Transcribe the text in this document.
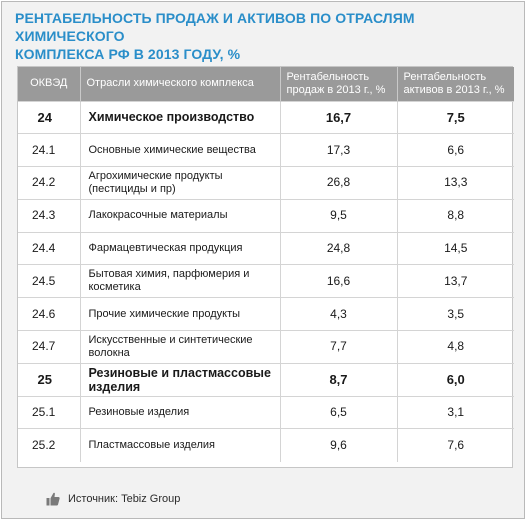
РЕНТАБЕЛЬНОСТЬ ПРОДАЖ И АКТИВОВ ПО ОТРАСЛЯМ ХИМИЧЕСКОГО
КОМПЛЕКСА РФ В 2013 ГОДУ, %
ОКВЭД	Отрасли химического комплекса	Рентабельность продаж в 2013 г., %	Рентабельность активов в 2013 г., %
24	Химическое производство	16,7	7,5
24.1	Основные химические вещества	17,3	6,6
24.2	Агрохимические продукты (пестициды и пр)	26,8	13,3
24.3	Лакокрасочные материалы	9,5	8,8
24.4	Фармацевтическая продукция	24,8	14,5
24.5	Бытовая химия, парфюмерия и косметика	16,6	13,7
24.6	Прочие химические продукты	4,3	3,5
24.7	Искусственные и синтетические волокна	7,7	4,8
25	Резиновые и пластмассовые изделия	8,7	6,0
25.1	Резиновые изделия	6,5	3,1
25.2	Пластмассовые изделия	9,6	7,6
Источник: Tebiz Group
